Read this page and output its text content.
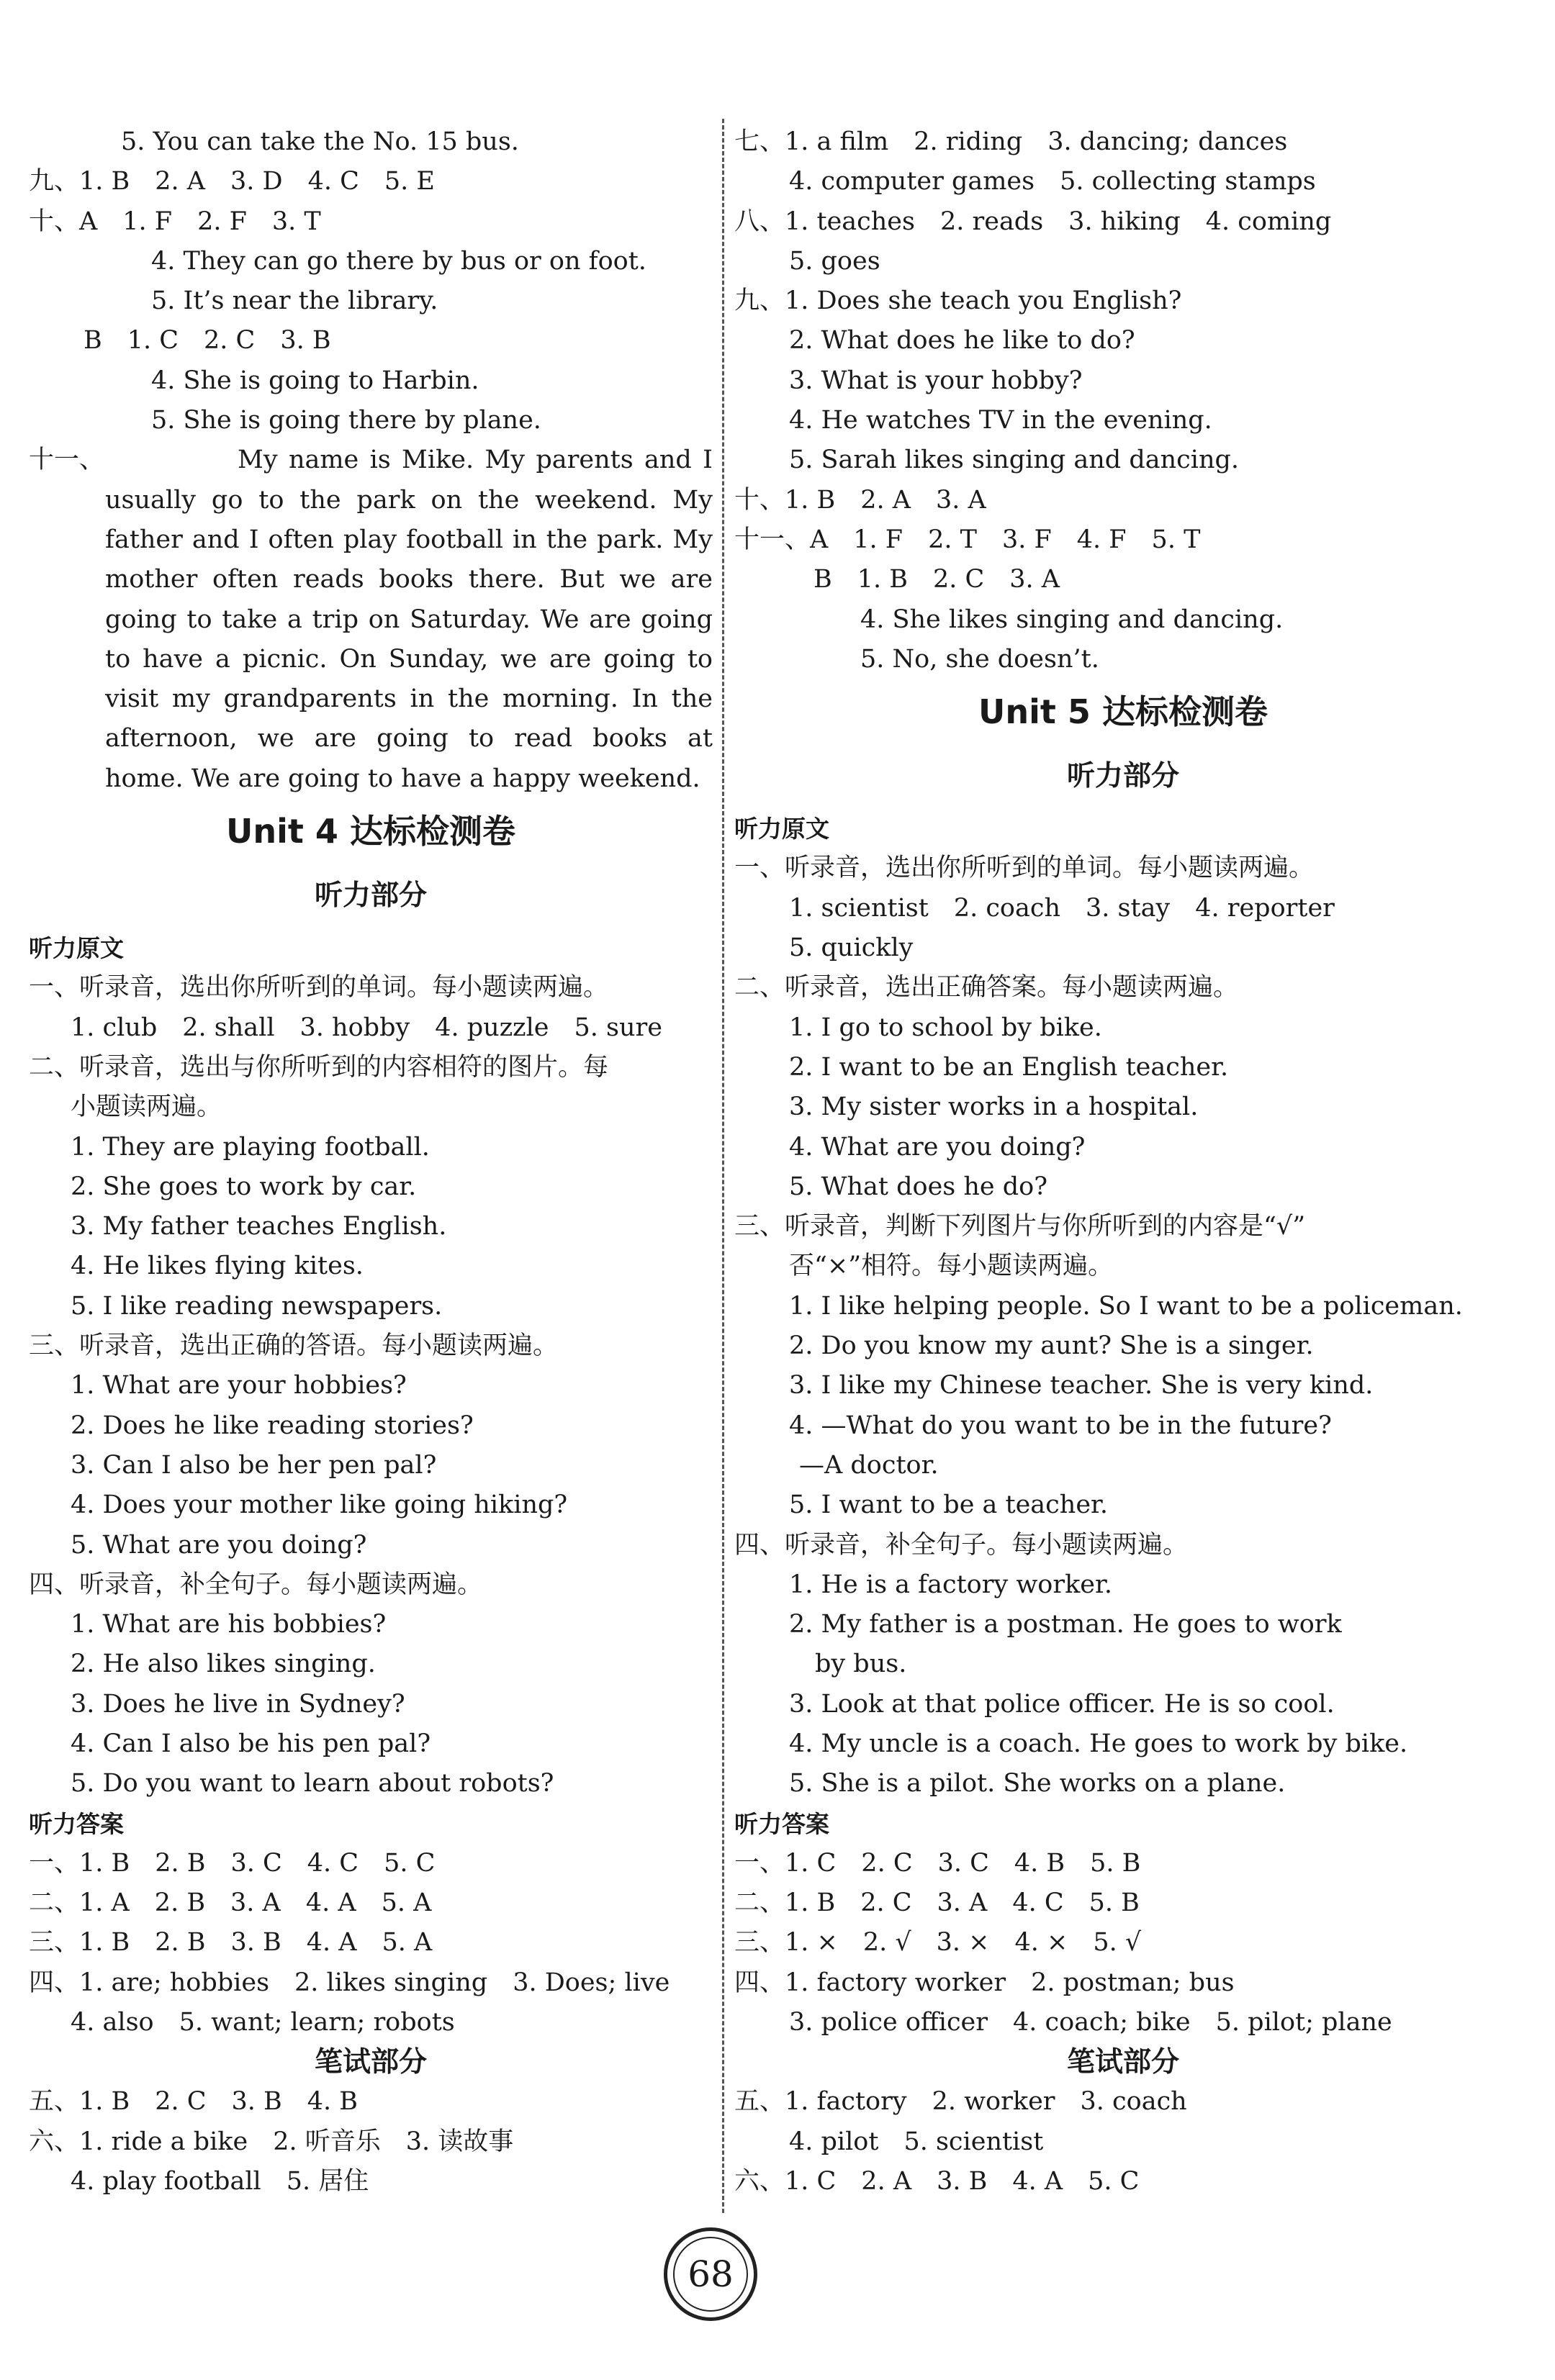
5. You can take the No. 15 bus.
九、1. B　2. A　3. D　4. C　5. E
十、A　1. F　2. F　3. T
4. They can go there by bus or on foot.
5. It’s near the library.
B　1. C　2. C　3. B
4. She is going to Harbin.
5. She is going there by plane.
十一、	My name is Mike. My parents and I usually go to the park on the weekend. My father and I often play football in the park. My mother often reads books there. But we are going to take a trip on Saturday. We are going to have a picnic. On Sunday, we are going to visit my grandparents in the morning. In the afternoon, we are going to read books at home. We are going to have a happy weekend.
Unit 4 达标检测卷
听力部分
听力原文
一、听录音，选出你所听到的单词。每小题读两遍。
1. club　2. shall　3. hobby　4. puzzle　5. sure
二、听录音，选出与你所听到的内容相符的图片。每
小题读两遍。
1. They are playing football.
2. She goes to work by car.
3. My father teaches English.
4. He likes flying kites.
5. I like reading newspapers.
三、听录音，选出正确的答语。每小题读两遍。
1. What are your hobbies?
2. Does he like reading stories?
3. Can I also be her pen pal?
4. Does your mother like going hiking?
5. What are you doing?
四、听录音，补全句子。每小题读两遍。
1. What are his bobbies?
2. He also likes singing.
3. Does he live in Sydney?
4. Can I also be his pen pal?
5. Do you want to learn about robots?
听力答案
一、1. B　2. B　3. C　4. C　5. C
二、1. A　2. B　3. A　4. A　5. A
三、1. B　2. B　3. B　4. A　5. A
四、1. are; hobbies　2. likes singing　3. Does; live
4. also　5. want; learn; robots
笔试部分
五、1. B　2. C　3. B　4. B
六、1. ride a bike　2. 听音乐　3. 读故事
4. play football　5. 居住
七、1. a film　2. riding　3. dancing; dances
4. computer games　5. collecting stamps
八、1. teaches　2. reads　3. hiking　4. coming
5. goes
九、1. Does she teach you English?
2. What does he like to do?
3. What is your hobby?
4. He watches TV in the evening.
5. Sarah likes singing and dancing.
十、1. B　2. A　3. A
十一、A　1. F　2. T　3. F　4. F　5. T
B　1. B　2. C　3. A
4. She likes singing and dancing.
5. No, she doesn’t.
Unit 5 达标检测卷
听力部分
听力原文
一、听录音，选出你所听到的单词。每小题读两遍。
1. scientist　2. coach　3. stay　4. reporter
5. quickly
二、听录音，选出正确答案。每小题读两遍。
1. I go to school by bike.
2. I want to be an English teacher.
3. My sister works in a hospital.
4. What are you doing?
5. What does he do?
三、听录音，判断下列图片与你所听到的内容是“√”
否“×”相符。每小题读两遍。
1. I like helping people. So I want to be a policeman.
2. Do you know my aunt? She is a singer.
3. I like my Chinese teacher. She is very kind.
4. —What do you want to be in the future?
—A doctor.
5. I want to be a teacher.
四、听录音，补全句子。每小题读两遍。
1. He is a factory worker.
2. My father is a postman. He goes to work
by bus.
3. Look at that police officer. He is so cool.
4. My uncle is a coach. He goes to work by bike.
5. She is a pilot. She works on a plane.
听力答案
一、1. C　2. C　3. C　4. B　5. B
二、1. B　2. C　3. A　4. C　5. B
三、1. ×　2. √　3. ×　4. ×　5. √
四、1. factory worker　2. postman; bus
3. police officer　4. coach; bike　5. pilot; plane
笔试部分
五、1. factory　2. worker　3. coach
4. pilot　5. scientist
六、1. C　2. A　3. B　4. A　5. C
68
